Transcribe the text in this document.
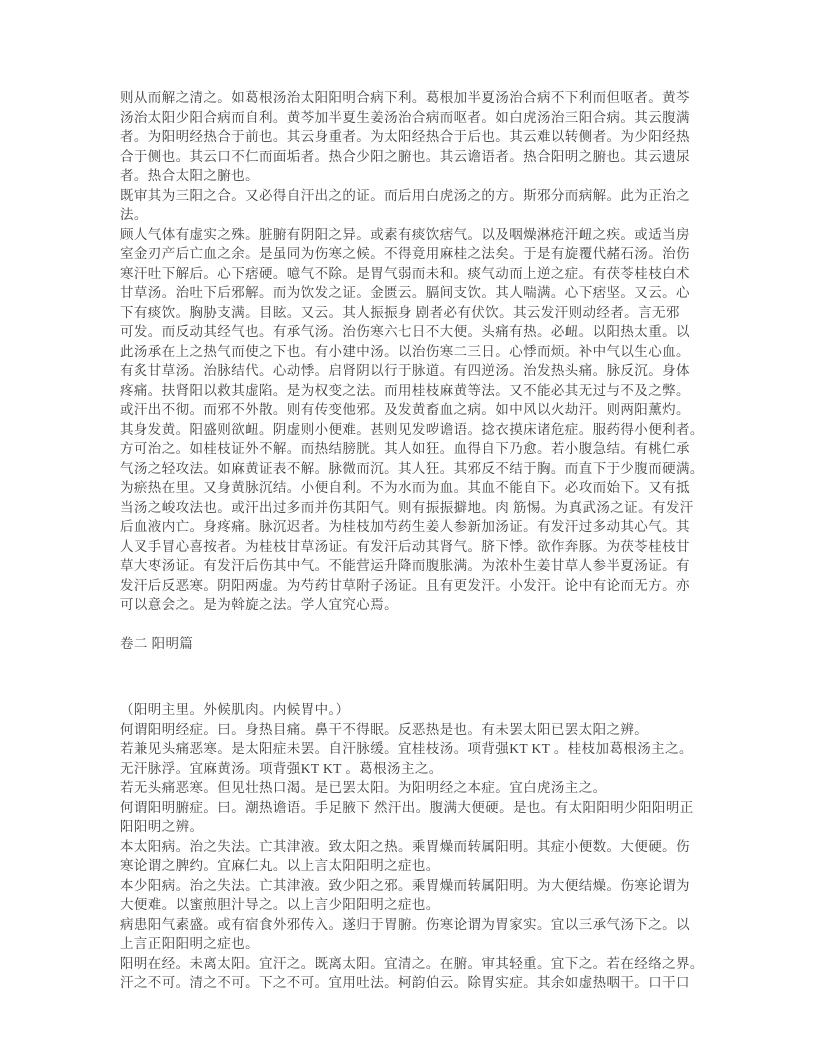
则从而解之清之。如葛根汤治太阳阳明合病下利。葛根加半夏汤治合病不下利而但呕者。黄芩
汤治太阳少阳合病而自利。黄芩加半夏生姜汤治合病而呕者。如白虎汤治三阳合病。其云腹满
者。为阳明经热合于前也。其云身重者。为太阳经热合于后也。其云难以转侧者。为少阳经热
合于侧也。其云口不仁而面垢者。热合少阳之腑也。其云谵语者。热合阳明之腑也。其云遗尿
者。热合太阳之腑也。
既审其为三阳之合。又必得自汗出之的证。而后用白虎汤之的方。斯邪分而病解。此为正治之
法。
顾人气体有虚实之殊。脏腑有阴阳之异。或素有痰饮痞气。以及咽燥淋疮汗衄之疾。或适当房
室金刃产后亡血之余。是虽同为伤寒之候。不得竟用麻桂之法矣。于是有旋覆代赭石汤。治伤
寒汗吐下解后。心下痞硬。噫气不除。是胃气弱而未和。痰气动而上逆之症。有茯苓桂枝白术
甘草汤。治吐下后邪解。而为饮发之证。金匮云。膈间支饮。其人喘满。心下痞坚。又云。心
下有痰饮。胸胁支满。目眩。又云。其人振振身 剧者必有伏饮。其云发汗则动经者。言无邪
可发。而反动其经气也。有承气汤。治伤寒六七日不大便。头痛有热。必衄。以阳热太重。以
此汤承在上之热气而使之下也。有小建中汤。以治伤寒二三日。心悸而烦。补中气以生心血。
有炙甘草汤。治脉结代。心动悸。启肾阴以行于脉道。有四逆汤。治发热头痛。脉反沉。身体
疼痛。扶肾阳以救其虚陷。是为权变之法。而用桂枝麻黄等法。又不能必其无过与不及之弊。
或汗出不彻。而邪不外散。则有传变他邪。及发黄畜血之病。如中风以火劫汗。则两阳薰灼。
其身发黄。阳盛则欲衄。阴虚则小便难。甚则见发哕谵语。捻衣摸床诸危症。服药得小便利者。
方可治之。如桂枝证外不解。而热结膀胱。其人如狂。血得自下乃愈。若小腹急结。有桃仁承
气汤之轻攻法。如麻黄证表不解。脉微而沉。其人狂。其邪反不结于胸。而直下于少腹而硬满。
为瘀热在里。又身黄脉沉结。小便自利。不为水而为血。其血不能自下。必攻而始下。又有抵
当汤之峻攻法也。或汗出过多而并伤其阳气。则有振振擗地。肉 筋惕。为真武汤之证。有发汗
后血液内亡。身疼痛。脉沉迟者。为桂枝加芍药生姜人参新加汤证。有发汗过多动其心气。其
人叉手冒心喜按者。为桂枝甘草汤证。有发汗后动其肾气。脐下悸。欲作奔豚。为茯苓桂枝甘
草大枣汤证。有发汗后伤其中气。不能营运升降而腹胀满。为浓朴生姜甘草人参半夏汤证。有
发汗后反恶寒。阴阳两虚。为芍药甘草附子汤证。且有更发汗。小发汗。论中有论而无方。亦
可以意会之。是为斡旋之法。学人宜究心焉。
卷二 阳明篇
（阳明主里。外候肌肉。内候胃中。）
何谓阳明经症。曰。身热目痛。鼻干不得眠。反恶热是也。有未罢太阳已罢太阳之辨。
若兼见头痛恶寒。是太阳症未罢。自汗脉缓。宜桂枝汤。项背强KT KT 。桂枝加葛根汤主之。
无汗脉浮。宜麻黄汤。项背强KT KT 。葛根汤主之。
若无头痛恶寒。但见壮热口渴。是已罢太阳。为阳明经之本症。宜白虎汤主之。
何谓阳明腑症。曰。潮热谵语。手足腋下 然汗出。腹满大便硬。是也。有太阳阳明少阳阳明正
阳阳明之辨。
本太阳病。治之失法。亡其津液。致太阳之热。乘胃燥而转属阳明。其症小便数。大便硬。伤
寒论谓之脾约。宜麻仁丸。以上言太阳阳明之症也。
本少阳病。治之失法。亡其津液。致少阳之邪。乘胃燥而转属阳明。为大便结燥。伤寒论谓为
大便难。以蜜煎胆汁导之。以上言少阳阳明之症也。
病患阳气素盛。或有宿食外邪传入。遂归于胃腑。伤寒论谓为胃家实。宜以三承气汤下之。以
上言正阳阳明之症也。
阳明在经。未离太阳。宜汗之。既离太阳。宜清之。在腑。审其轻重。宜下之。若在经络之界。
汗之不可。清之不可。下之不可。宜用吐法。柯韵伯云。除胃实症。其余如虚热咽干。口干口
